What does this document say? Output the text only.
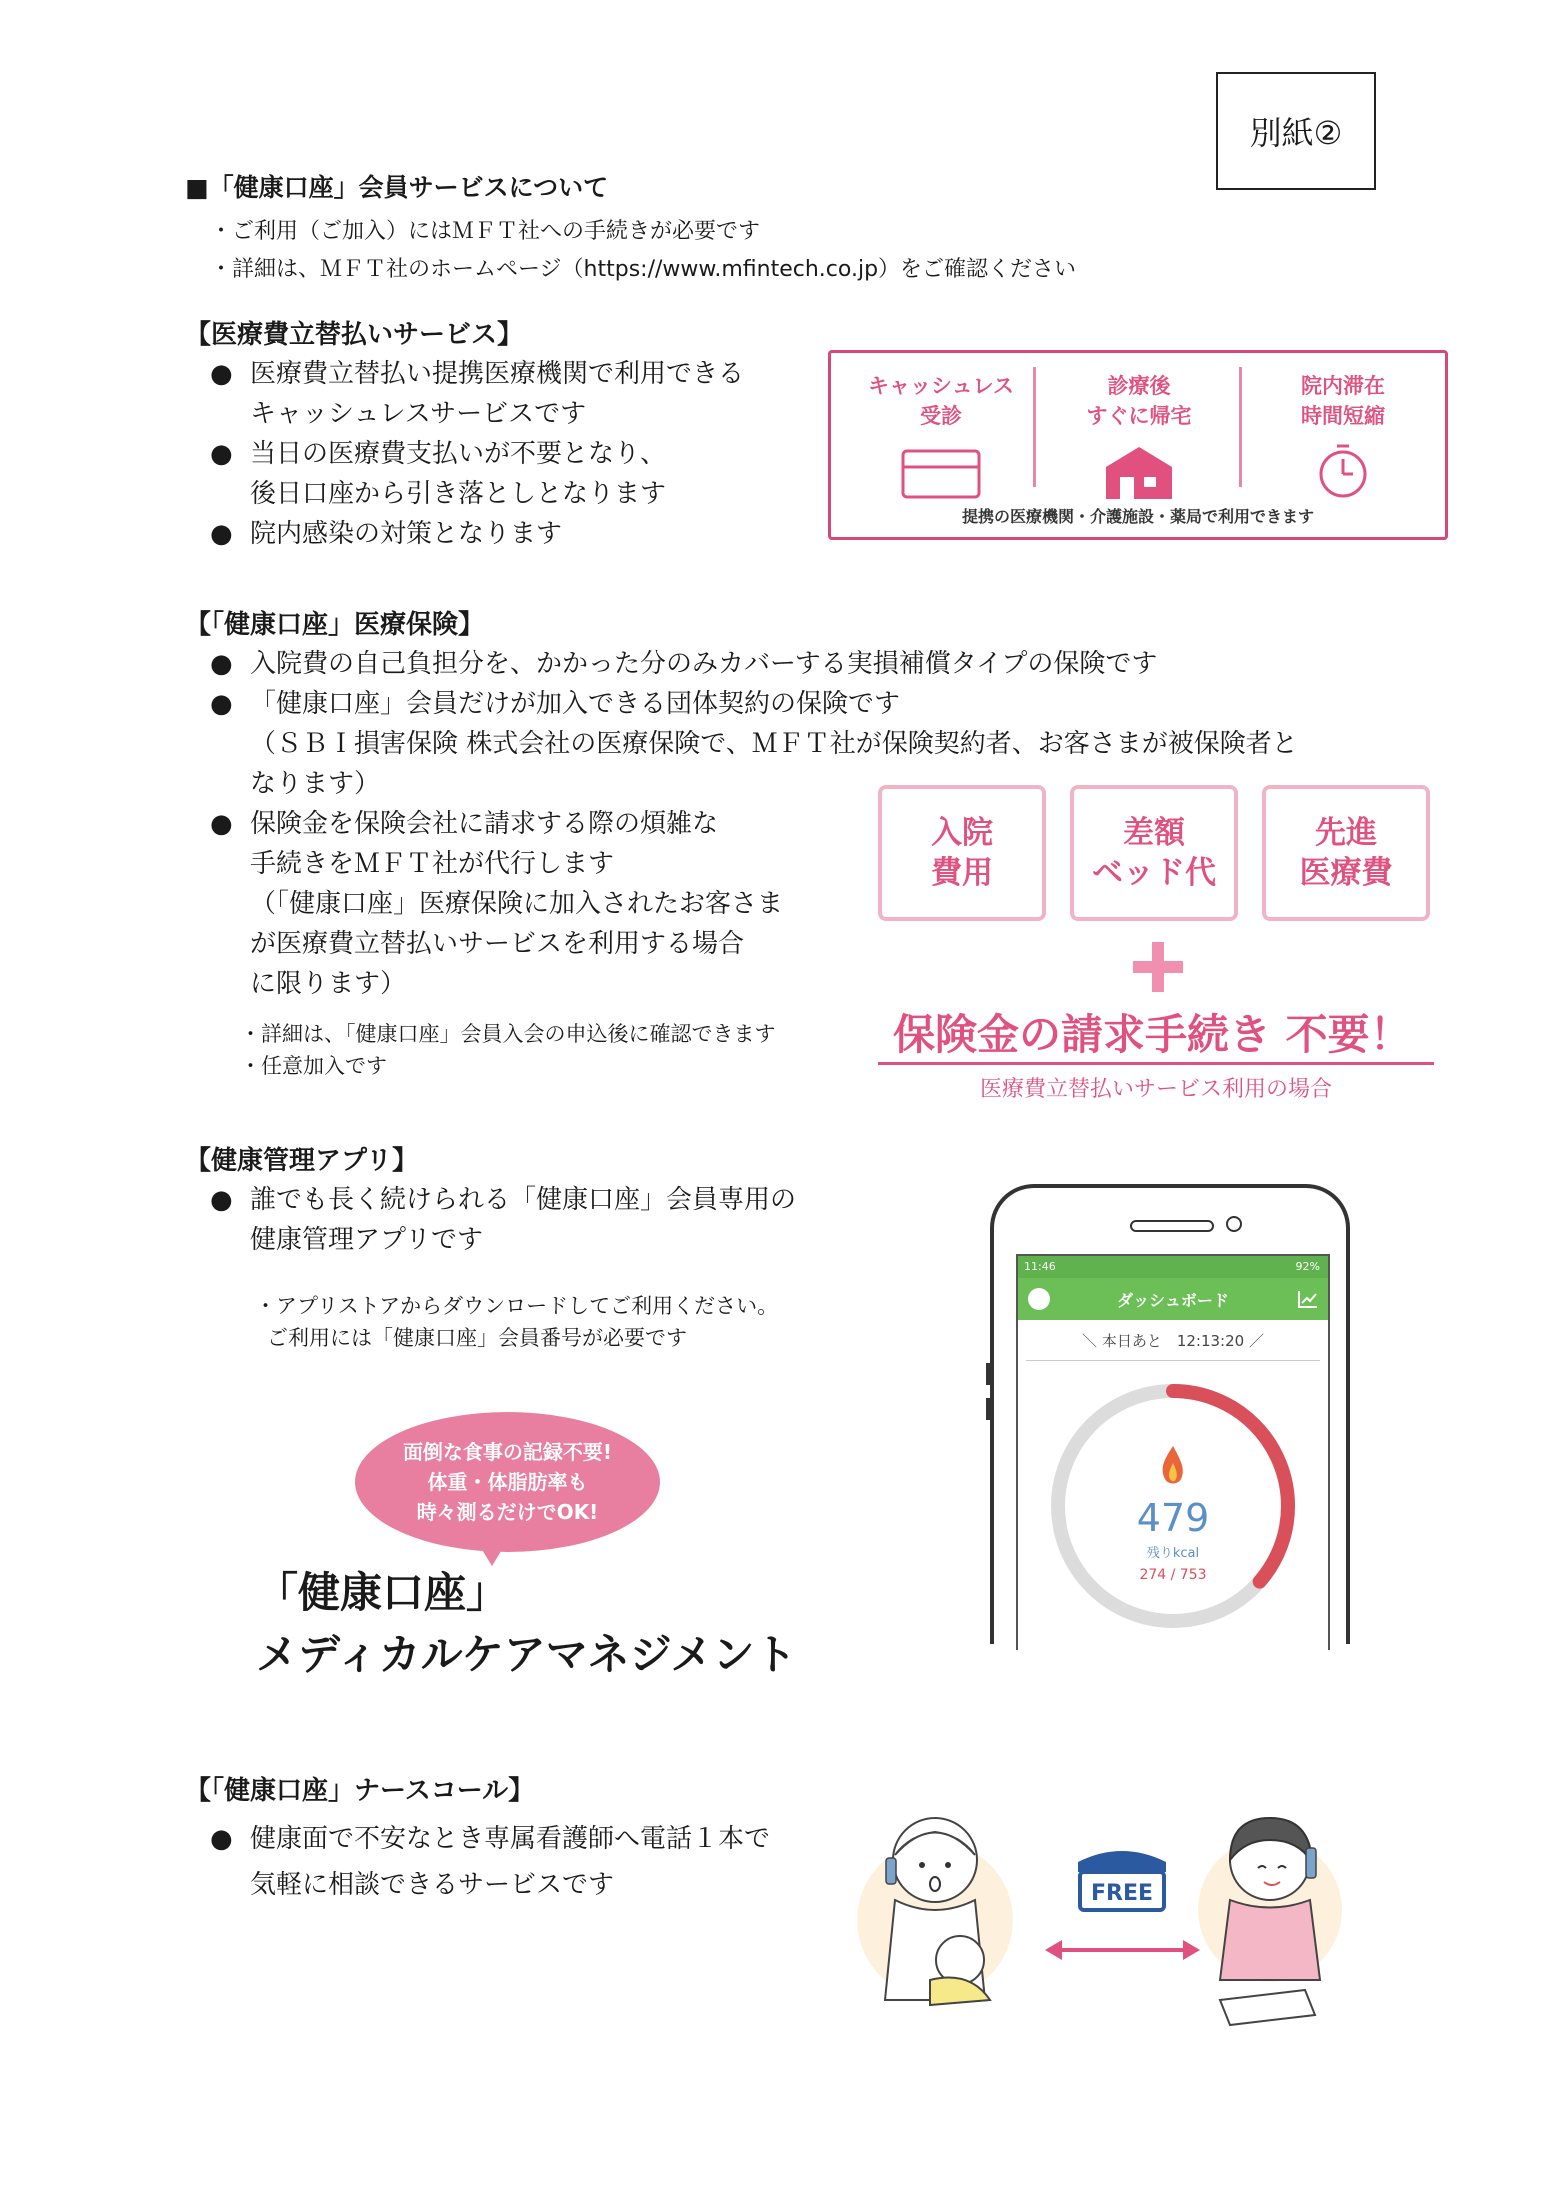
別紙②
■「健康口座」会員サービスについて
・ご利用（ご加入）にはＭＦＴ社への手続きが必要です
・詳細は、ＭＦＴ社のホームページ（https://www.mfintech.co.jp）をご確認ください
【医療費立替払いサービス】
● 医療費立替払い提携医療機関で利用できる
キャッシュレスサービスです
● 当日の医療費支払いが不要となり、
後日口座から引き落としとなります
● 院内感染の対策となります
キャッシュレス
受診
診療後
すぐに帰宅
院内滞在
時間短縮
提携の医療機関・介護施設・薬局で利用できます
【「健康口座」医療保険】
● 入院費の自己負担分を、かかった分のみカバーする実損補償タイプの保険です
● 「健康口座」会員だけが加入できる団体契約の保険です
（ＳＢＩ損害保険 株式会社の医療保険で、ＭＦＴ社が保険契約者、お客さまが被保険者と
なります）
● 保険金を保険会社に請求する際の煩雑な
手続きをＭＦＴ社が代行します
（「健康口座」医療保険に加入されたお客さま
が医療費立替払いサービスを利用する場合
に限ります）
・詳細は、「健康口座」会員入会の申込後に確認できます
・任意加入です
入院
費用
差額
ベッド代
先進
医療費
保険金の請求手続き 不要！
医療費立替払いサービス利用の場合
【健康管理アプリ】
● 誰でも長く続けられる「健康口座」会員専用の
健康管理アプリです
・アプリストアからダウンロードしてご利用ください。
ご利用には「健康口座」会員番号が必要です
面倒な食事の記録不要!
体重・体脂肪率も
時々測るだけでOK!
「健康口座」
メディカルケアマネジメント
11:46	92%
ダッシュボード
＼ 本日あと　12:13:20 ／
479
残りkcal
274 / 753
【「健康口座」ナースコール】
● 健康面で不安なとき専属看護師へ電話１本で
気軽に相談できるサービスです	FREE
